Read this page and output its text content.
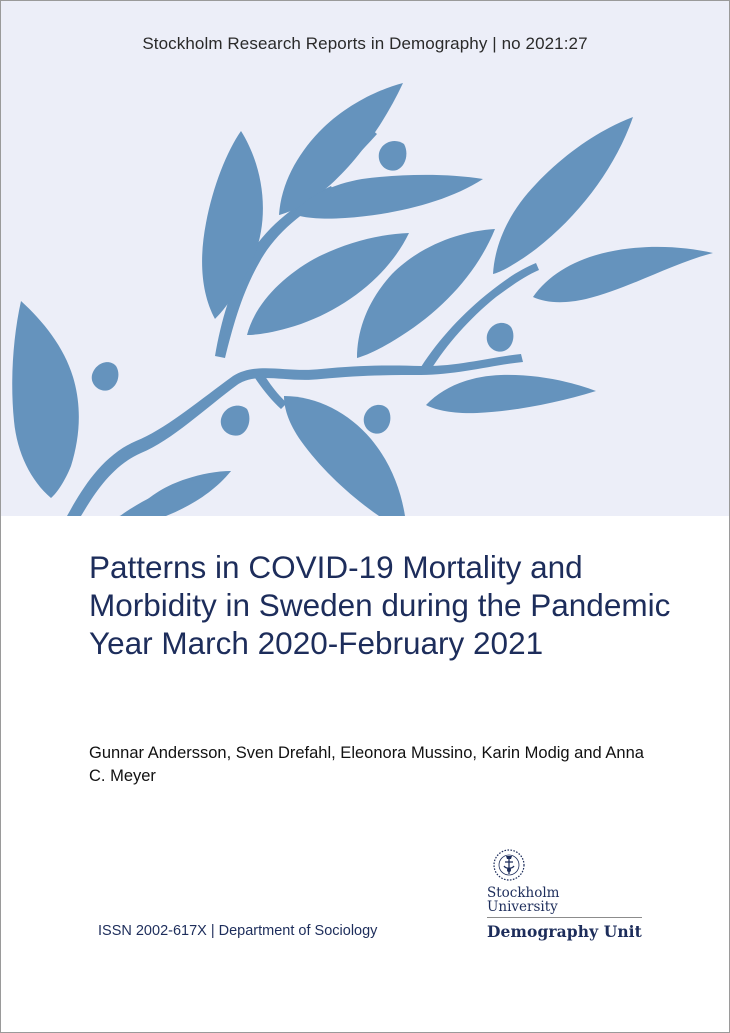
Stockholm Research Reports in Demography | no 2021:27
Patterns in COVID-19 Mortality and Morbidity in Sweden during the Pandemic Year March 2020-February 2021
Gunnar Andersson, Sven Drefahl, Eleonora Mussino, Karin Modig and Anna C. Meyer
ISSN 2002-617X | Department of Sociology
Stockholm
University
Demography Unit
